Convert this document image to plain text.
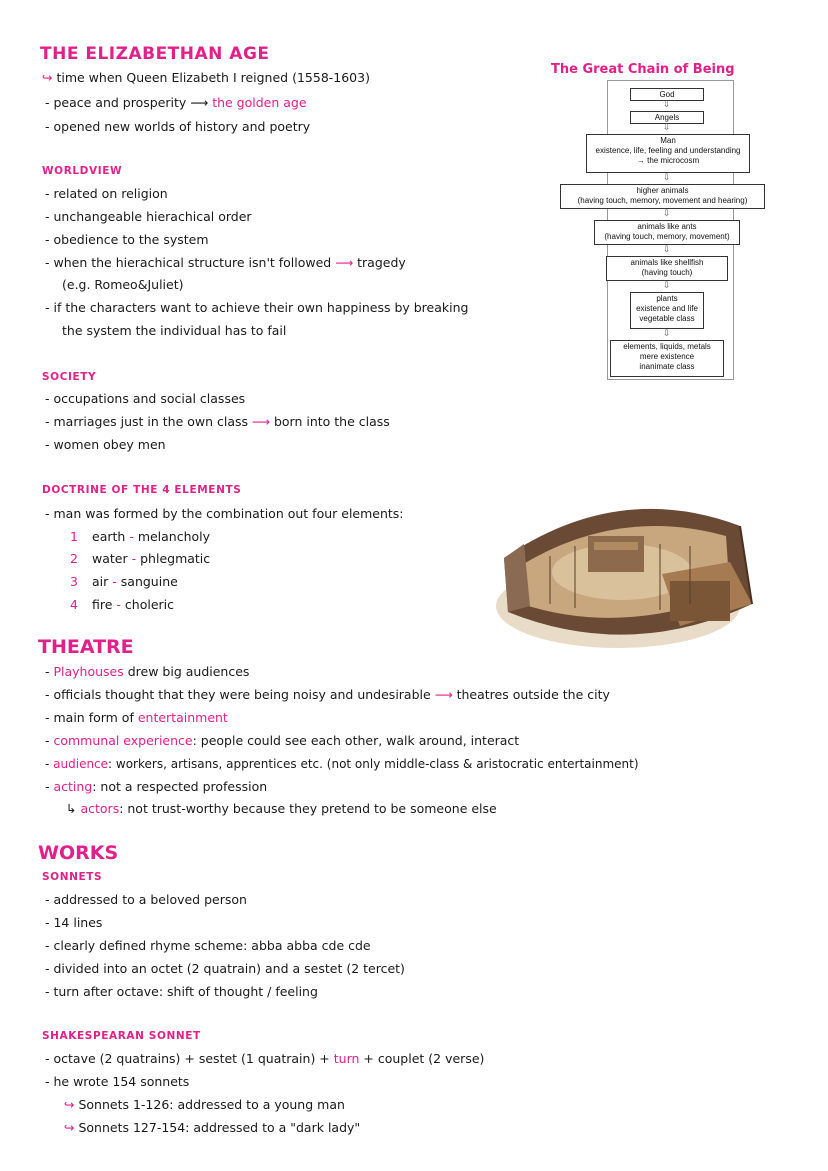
THE ELIZABETHAN AGE
↪ time when Queen Elizabeth I reigned (1558-1603)
- peace and prosperity ⟶ the golden age
- opened new worlds of history and poetry
WORLDVIEW
- related on religion
- unchangeable hierachical order
- obedience to the system
- when the hierachical structure isn't followed ⟶ tragedy
(e.g. Romeo&Juliet)
- if the characters want to achieve their own happiness by breaking
the system the individual has to fail
SOCIETY
- occupations and social classes
- marriages just in the own class ⟶ born into the class
- women obey men
DOCTRINE OF THE 4 ELEMENTS
- man was formed by the combination out four elements:
1 earth - melancholy
2 water - phlegmatic
3 air - sanguine
4 fire - choleric
The Great Chain of Being
God
⇩
Angels
⇩
Man
existence, life, feeling and understanding
→ the microcosm
⇩
higher animals
(having touch, memory, movement and hearing)
⇩
animals like ants
(having touch, memory, movement)
⇩
animals like shellfish
(having touch)
⇩
plants
existence and life
vegetable class
⇩
elements, liquids, metals
mere existence
inanimate class
THEATRE
- Playhouses drew big audiences
- officials thought that they were being noisy and undesirable ⟶ theatres outside the city
- main form of entertainment
- communal experience: people could see each other, walk around, interact
- audience: workers, artisans, apprentices etc. (not only middle-class & aristocratic entertainment)
- acting: not a respected profession
↳ actors: not trust-worthy because they pretend to be someone else
WORKS
SONNETS
- addressed to a beloved person
- 14 lines
- clearly defined rhyme scheme: abba abba cde cde
- divided into an octet (2 quatrain) and a sestet (2 tercet)
- turn after octave: shift of thought / feeling
SHAKESPEARAN SONNET
- octave (2 quatrains) + sestet (1 quatrain) + turn + couplet (2 verse)
- he wrote 154 sonnets
↪ Sonnets 1-126: addressed to a young man
↪ Sonnets 127-154: addressed to a "dark lady"
